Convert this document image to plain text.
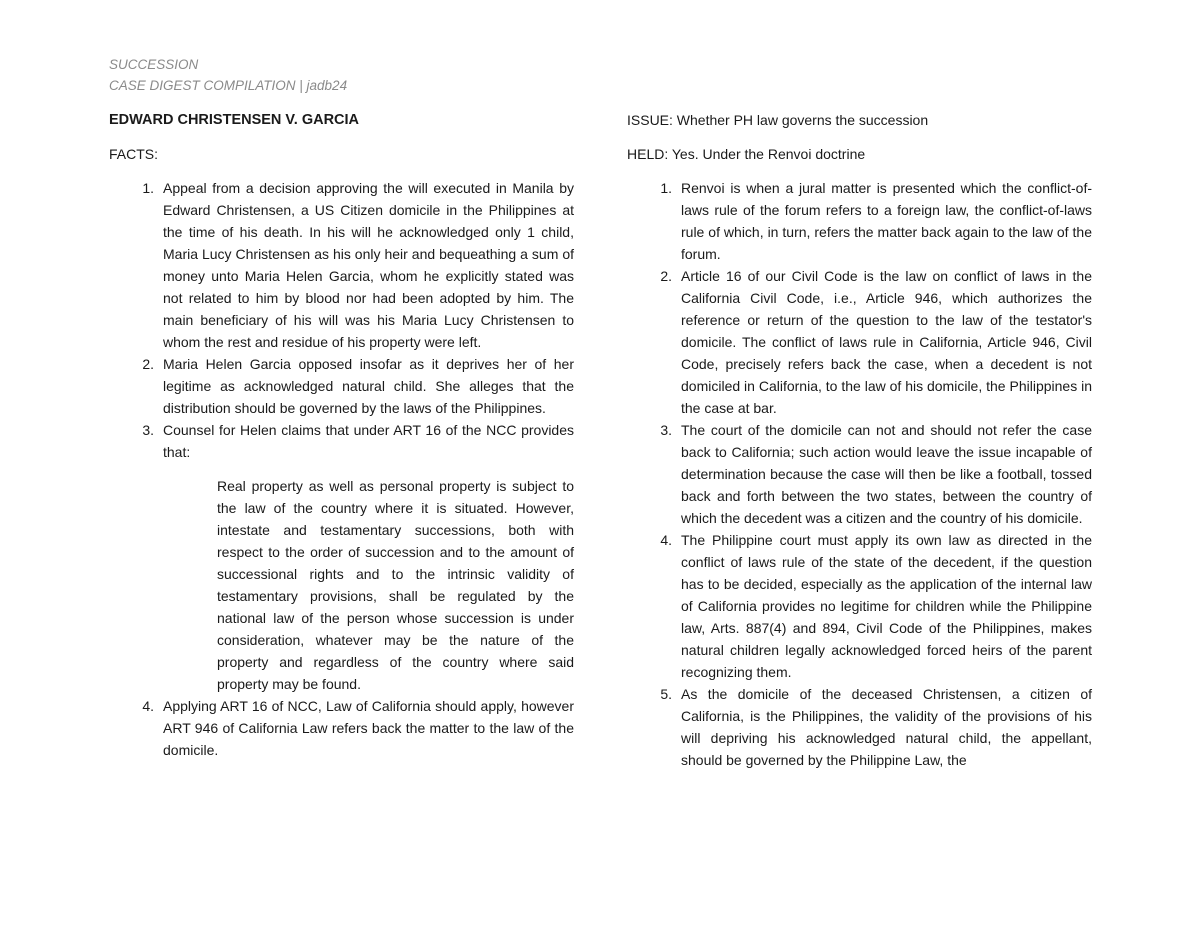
SUCCESSION
CASE DIGEST COMPILATION | jadb24
EDWARD CHRISTENSEN V. GARCIA
FACTS:
1. Appeal from a decision approving the will executed in Manila by Edward Christensen, a US Citizen domicile in the Philippines at the time of his death. In his will he acknowledged only 1 child, Maria Lucy Christensen as his only heir and bequeathing a sum of money unto Maria Helen Garcia, whom he explicitly stated was not related to him by blood nor had been adopted by him. The main beneficiary of his will was his Maria Lucy Christensen to whom the rest and residue of his property were left.
2. Maria Helen Garcia opposed insofar as it deprives her of her legitime as acknowledged natural child. She alleges that the distribution should be governed by the laws of the Philippines.
3. Counsel for Helen claims that under ART 16 of the NCC provides that:
Real property as well as personal property is subject to the law of the country where it is situated. However, intestate and testamentary successions, both with respect to the order of succession and to the amount of successional rights and to the intrinsic validity of testamentary provisions, shall be regulated by the national law of the person whose succession is under consideration, whatever may be the nature of the property and regardless of the country where said property may be found.
4. Applying ART 16 of NCC, Law of California should apply, however ART 946 of California Law refers back the matter to the law of the domicile.
ISSUE: Whether PH law governs the succession
HELD: Yes. Under the Renvoi doctrine
1. Renvoi is when a jural matter is presented which the conflict-of-laws rule of the forum refers to a foreign law, the conflict-of-laws rule of which, in turn, refers the matter back again to the law of the forum.
2. Article 16 of our Civil Code is the law on conflict of laws in the California Civil Code, i.e., Article 946, which authorizes the reference or return of the question to the law of the testator's domicile. The conflict of laws rule in California, Article 946, Civil Code, precisely refers back the case, when a decedent is not domiciled in California, to the law of his domicile, the Philippines in the case at bar.
3. The court of the domicile can not and should not refer the case back to California; such action would leave the issue incapable of determination because the case will then be like a football, tossed back and forth between the two states, between the country of which the decedent was a citizen and the country of his domicile.
4. The Philippine court must apply its own law as directed in the conflict of laws rule of the state of the decedent, if the question has to be decided, especially as the application of the internal law of California provides no legitime for children while the Philippine law, Arts. 887(4) and 894, Civil Code of the Philippines, makes natural children legally acknowledged forced heirs of the parent recognizing them.
5. As the domicile of the deceased Christensen, a citizen of California, is the Philippines, the validity of the provisions of his will depriving his acknowledged natural child, the appellant, should be governed by the Philippine Law, the
